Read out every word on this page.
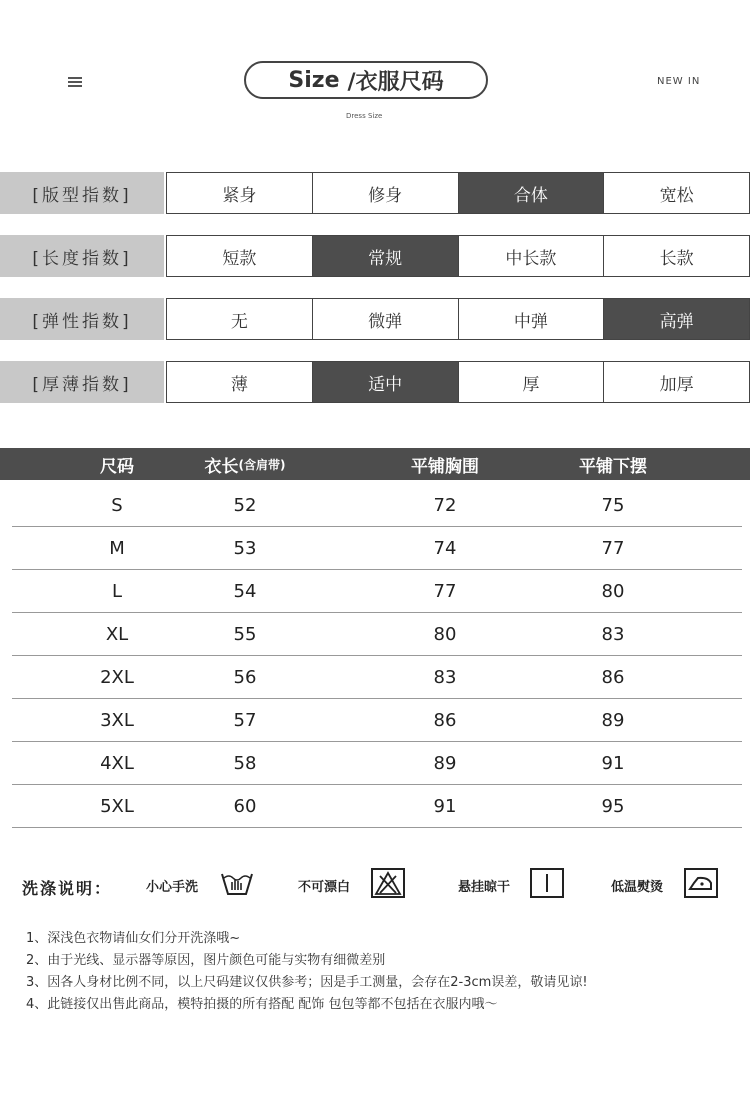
Size /衣服尺码	NEW IN
Dress Size
[版型指数]	紧身	修身	合体	宽松
[长度指数]	短款	常规	中长款	长款
[弹性指数]	无	微弹	中弹	高弹
[厚薄指数]	薄	适中	厚	加厚
尺码	衣长 (含肩带)	平铺胸围	平铺下摆
S	52	72	75
M	53	74	77
L	54	77	80
XL	55	80	83
2XL	56	83	86
3XL	57	86	89
4XL	58	89	91
5XL	60	91	95
洗涤说明：	小心手洗	不可漂白	悬挂晾干	低温熨烫
1、深浅色衣物请仙女们分开洗涤哦~
2、由于光线、显示器等原因，图片颜色可能与实物有细微差别
3、因各人身材比例不同，以上尺码建议仅供参考；因是手工测量，会存在2-3cm误差，敬请见谅!
4、此链接仅出售此商品，模特拍摄的所有搭配 配饰 包包等都不包括在衣服内哦～
